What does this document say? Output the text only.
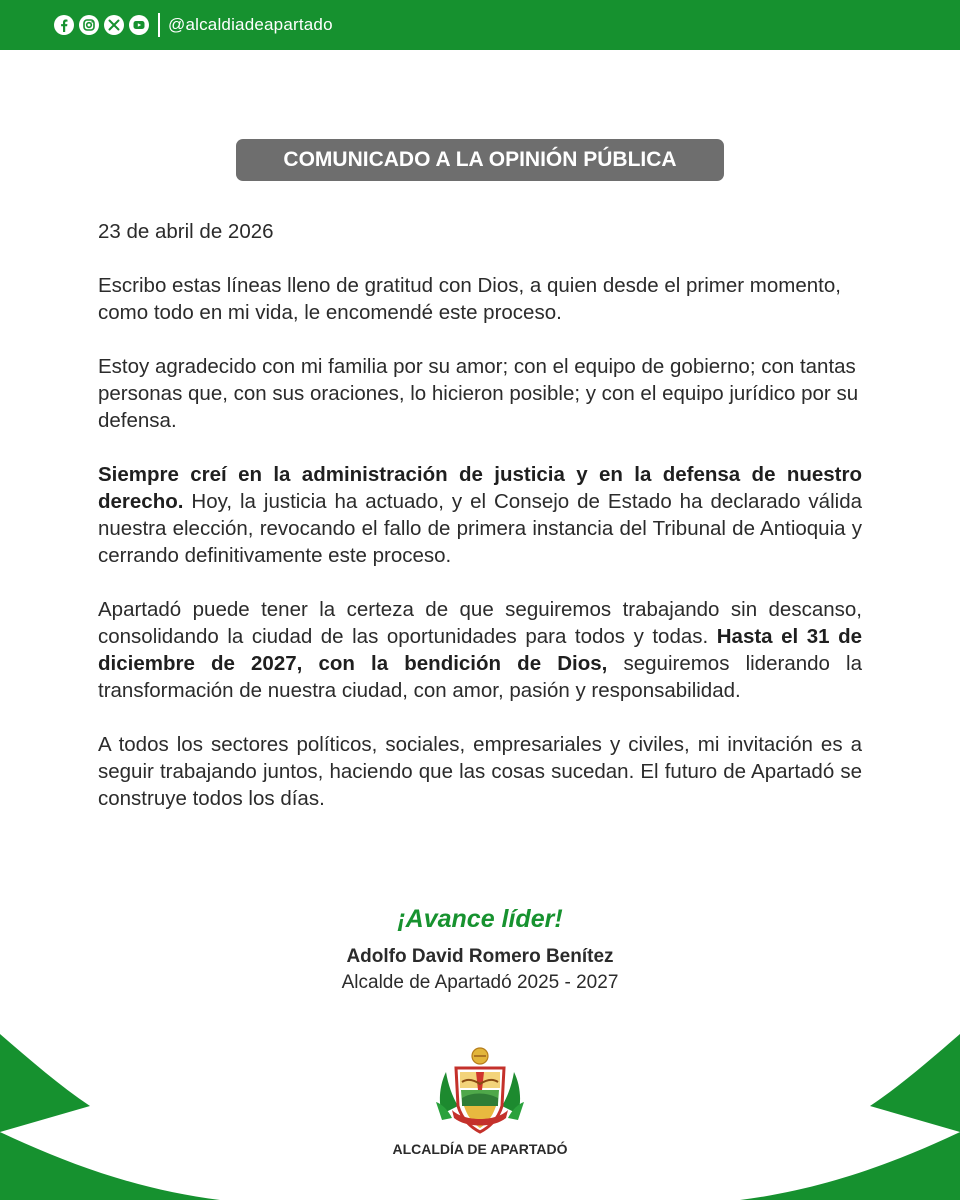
@alcaldiadeapartado
COMUNICADO A LA OPINIÓN PÚBLICA

23 de abril de 2026

Escribo estas líneas lleno de gratitud con Dios, a quien desde el primer momento, como todo en mi vida, le encomendé este proceso.

Estoy agradecido con mi familia por su amor; con el equipo de gobierno; con tantas personas que, con sus oraciones, lo hicieron posible; y con el equipo jurídico por su defensa.

Siempre creí en la administración de justicia y en la defensa de nuestro derecho. Hoy, la justicia ha actuado, y el Consejo de Estado ha declarado válida nuestra elección, revocando el fallo de primera instancia del Tribunal de Antioquia y cerrando definitivamente este proceso.

Apartadó puede tener la certeza de que seguiremos trabajando sin descanso, consolidando la ciudad de las oportunidades para todos y todas. Hasta el 31 de diciembre de 2027, con la bendición de Dios, seguiremos liderando la transformación de nuestra ciudad, con amor, pasión y responsabilidad.

A todos los sectores políticos, sociales, empresariales y civiles, mi invitación es a seguir trabajando juntos, haciendo que las cosas sucedan. El futuro de Apartadó se construye todos los días.

¡Avance líder!
Adolfo David Romero Benítez
Alcalde de Apartadó 2025 - 2027
ALCALDÍA DE APARTADÓ
